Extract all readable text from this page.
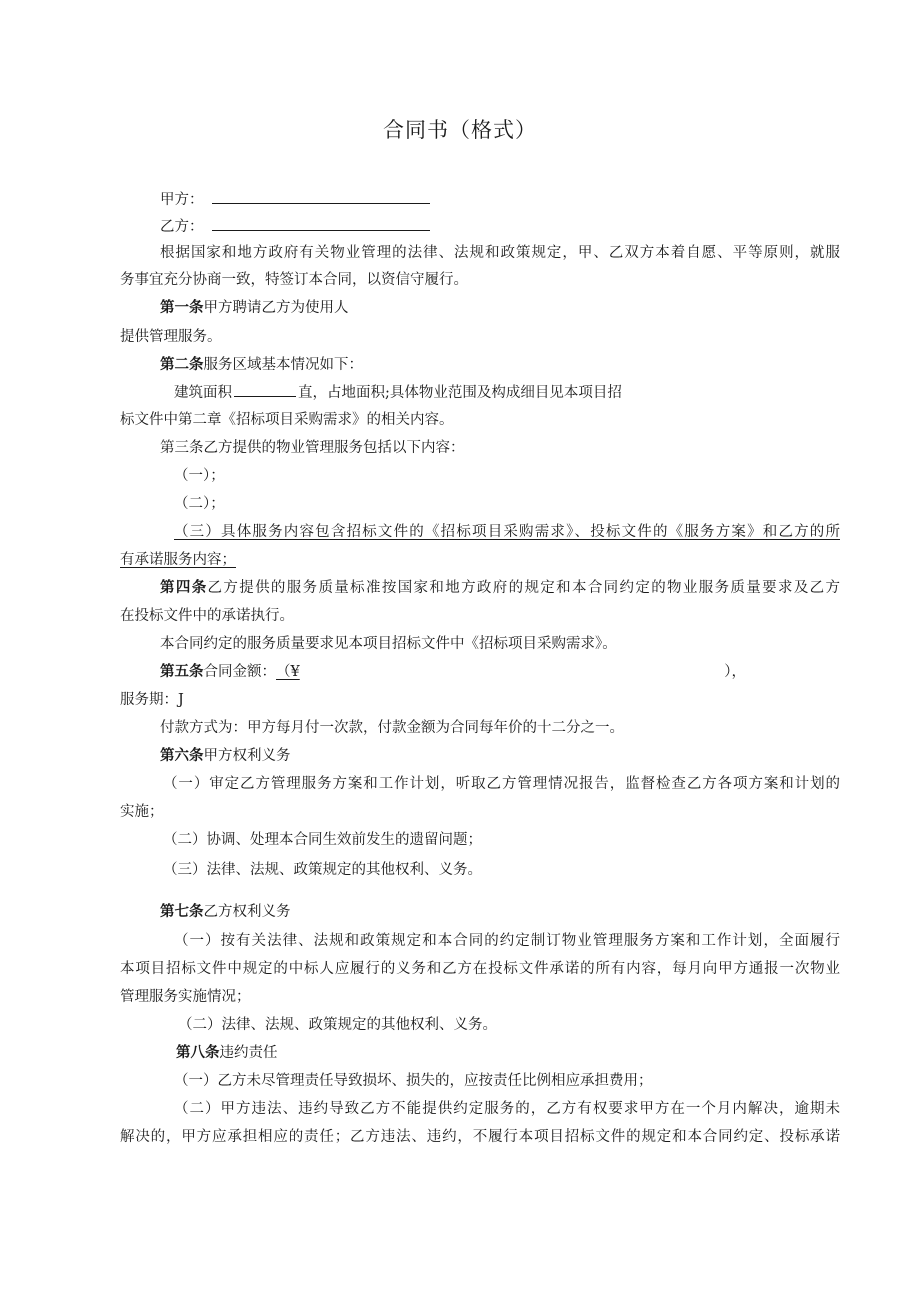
合同书（格式）
甲方：
乙方：
根据国家和地方政府有关物业管理的法律、法规和政策规定，甲、乙双方本着自愿、平等原则，就服
务事宜充分协商一致，特签订本合同，以资信守履行。
第一条甲方聘请乙方为使用人
提供管理服务。
第二条服务区域基本情况如下：
建筑面积	直，占地面积;具体物业范围及构成细目见本项目招
标文件中第二章《招标项目采购需求》的相关内容。
第三条乙方提供的物业管理服务包括以下内容：
（一）；
（二）；
（三）具体服务内容包含招标文件的《招标项目采购需求》、投标文件的《服务方案》和乙方的所
有承诺服务内容；
第四条乙方提供的服务质量标准按国家和地方政府的规定和本合同约定的物业服务质量要求及乙方
在投标文件中的承诺执行。
本合同约定的服务质量要求见本项目招标文件中《招标项目采购需求》。
第五条合同金额：（¥	），
服务期：J
付款方式为：甲方每月付一次款，付款金额为合同每年价的十二分之一。
第六条甲方权利义务
（一）审定乙方管理服务方案和工作计划，听取乙方管理情况报告，监督检查乙方各项方案和计划的
实施；
（二）协调、处理本合同生效前发生的遗留问题；
（三）法律、法规、政策规定的其他权利、义务。
第七条乙方权利义务
（一）按有关法律、法规和政策规定和本合同的约定制订物业管理服务方案和工作计划，全面履行
本项目招标文件中规定的中标人应履行的义务和乙方在投标文件承诺的所有内容，每月向甲方通报一次物业
管理服务实施情况；
（二）法律、法规、政策规定的其他权利、义务。
第八条违约责任
（一）乙方未尽管理责任导致损坏、损失的，应按责任比例相应承担费用；
（二）甲方违法、违约导致乙方不能提供约定服务的，乙方有权要求甲方在一个月内解决，逾期未
解决的，甲方应承担相应的责任；乙方违法、违约，不履行本项目招标文件的规定和本合同约定、投标承诺
